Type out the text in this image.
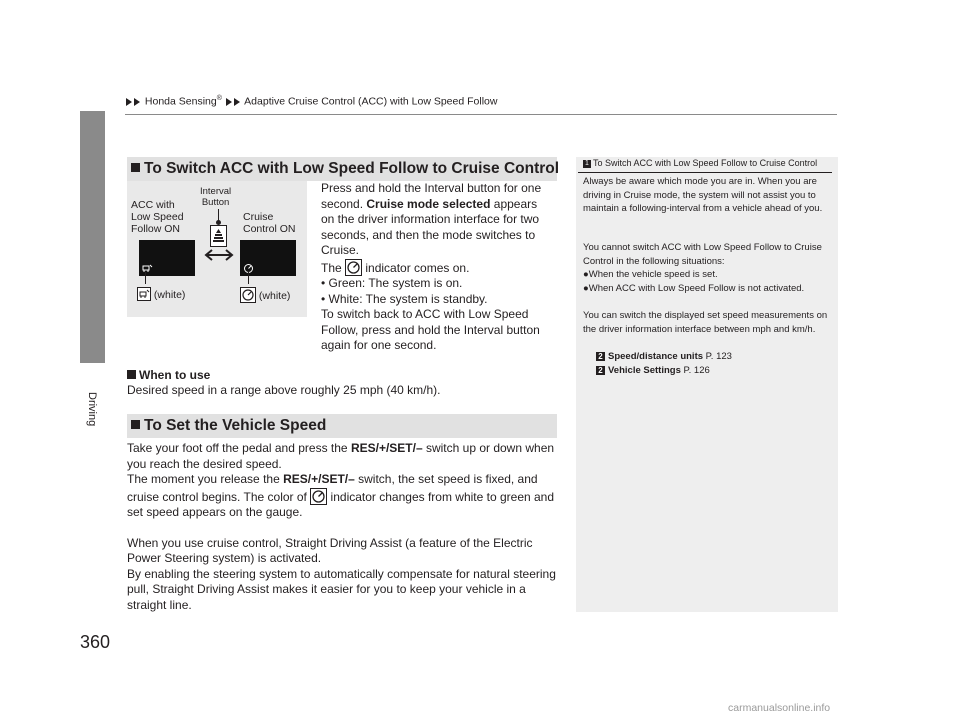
Honda Sensing® Adaptive Cruise Control (ACC) with Low Speed Follow
Driving
360
To Switch ACC with Low Speed Follow to Cruise Control
ACC with
Low Speed
Follow ON
Interval
Button
Cruise
Control ON
(white)	(white)
Press and hold the Interval button for one second. Cruise mode selected appears on the driver information interface for two seconds, and then the mode switches to Cruise.
The  indicator comes on.
• Green: The system is on.
• White: The system is standby.
To switch back to ACC with Low Speed Follow, press and hold the Interval button again for one second.
When to use
Desired speed in a range above roughly 25 mph (40 km/h).
To Set the Vehicle Speed
Take your foot off the pedal and press the RES/+/SET/– switch up or down when you reach the desired speed.
The moment you release the RES/+/SET/– switch, the set speed is fixed, and cruise control begins. The color of  indicator changes from white to green and set speed appears on the gauge.
When you use cruise control, Straight Driving Assist (a feature of the Electric Power Steering system) is activated.
By enabling the steering system to automatically compensate for natural steering pull, Straight Driving Assist makes it easier for you to keep your vehicle in a straight line.
1 To Switch ACC with Low Speed Follow to Cruise Control
Always be aware which mode you are in. When you are driving in Cruise mode, the system will not assist you to maintain a following-interval from a vehicle ahead of you.
You cannot switch ACC with Low Speed Follow to Cruise Control in the following situations:
●When the vehicle speed is set.
●When ACC with Low Speed Follow is not activated.
You can switch the displayed set speed measurements on the driver information interface between mph and km/h.
2 Speed/distance units P. 123
2 Vehicle Settings P. 126
carmanualsonline.info
